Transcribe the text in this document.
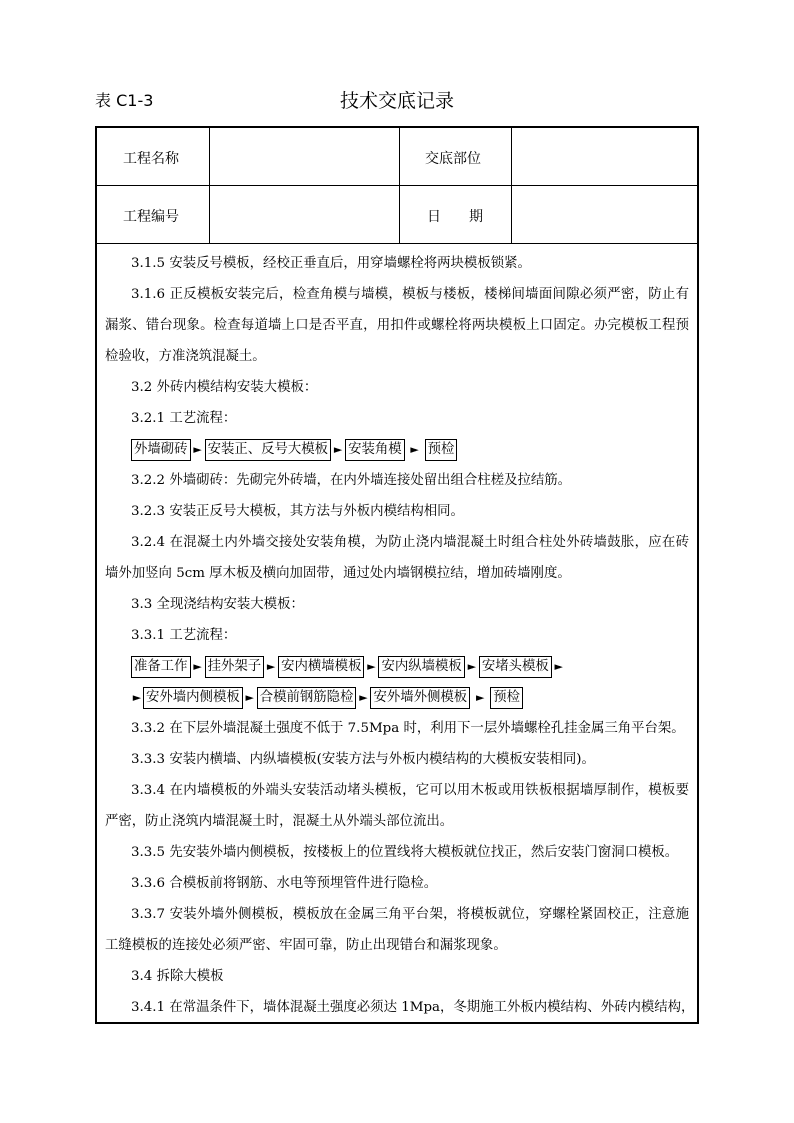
表 C1-3	技术交底记录
工程名称	交底部位
工程编号	日　　期

3.1.5 安装反号模板，经校正垂直后，用穿墙螺栓将两块模板锁紧。

3.1.6 正反模板安装完后，检查角模与墙模，模板与楼板，楼梯间墙面间隙必须严密，防止有漏浆、错台现象。检查每道墙上口是否平直，用扣件或螺栓将两块模板上口固定。办完模板工程预检验收，方准浇筑混凝土。

3.2 外砖内模结构安装大模板：

3.2.1 工艺流程：

外墙砌砖 ► 安装正、反号大模板 ► 安装角模 ► 预检

3.2.2 外墙砌砖：先砌完外砖墙，在内外墙连接处留出组合柱槎及拉结筋。

3.2.3 安装正反号大模板，其方法与外板内模结构相同。

3.2.4 在混凝土内外墙交接处安装角模，为防止浇内墙混凝土时组合柱处外砖墙鼓胀，应在砖墙外加竖向 5cm 厚木板及横向加固带，通过处内墙钢模拉结，增加砖墙刚度。

3.3 全现浇结构安装大模板：

3.3.1 工艺流程：

准备工作 ► 挂外架子 ► 安内横墙模板 ► 安内纵墙模板 ► 安堵头模板 ►
► 安外墙内侧模板 ► 合模前钢筋隐检 ► 安外墙外侧模板 ► 预检

3.3.2 在下层外墙混凝土强度不低于 7.5Mpa 时，利用下一层外墙螺栓孔挂金属三角平台架。

3.3.3 安装内横墙、内纵墙模板(安装方法与外板内模结构的大模板安装相同)。

3.3.4 在内墙模板的外端头安装活动堵头模板，它可以用木板或用铁板根据墙厚制作，模板要严密，防止浇筑内墙混凝土时，混凝土从外端头部位流出。

3.3.5 先安装外墙内侧模板，按楼板上的位置线将大模板就位找正，然后安装门窗洞口模板。

3.3.6 合模板前将钢筋、水电等预埋管件进行隐检。

3.3.7 安装外墙外侧模板，模板放在金属三角平台架，将模板就位，穿螺栓紧固校正，注意施工缝模板的连接处必须严密、牢固可靠，防止出现错台和漏浆现象。

3.4 拆除大模板

3.4.1 在常温条件下，墙体混凝土强度必须达 1Mpa，冬期施工外板内模结构、外砖内模结构，
